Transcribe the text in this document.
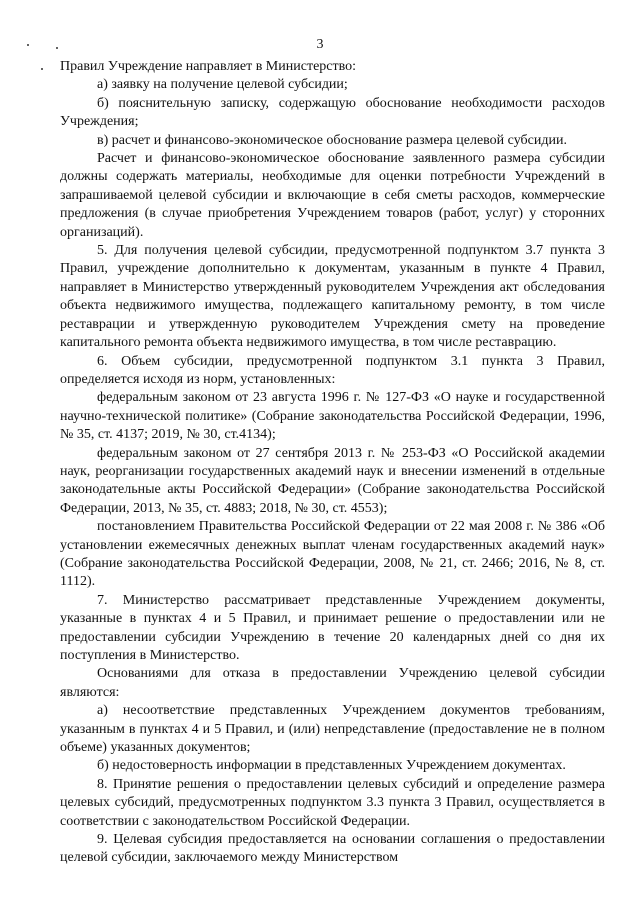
3

Правил Учреждение направляет в Министерство:

а) заявку на получение целевой субсидии;

б) пояснительную записку, содержащую обоснование необходимости расходов Учреждения;

в) расчет и финансово-экономическое обоснование размера целевой субсидии.

Расчет и финансово-экономическое обоснование заявленного размера субсидии должны содержать материалы, необходимые для оценки потребности Учреждений в запрашиваемой целевой субсидии и включающие в себя сметы расходов, коммерческие предложения (в случае приобретения Учреждением товаров (работ, услуг) у сторонних организаций).

5. Для получения целевой субсидии, предусмотренной подпунктом 3.7 пункта 3 Правил, учреждение дополнительно к документам, указанным в пункте 4 Правил, направляет в Министерство утвержденный руководителем Учреждения акт обследования объекта недвижимого имущества, подлежащего капитальному ремонту, в том числе реставрации и утвержденную руководителем Учреждения смету на проведение капитального ремонта объекта недвижимого имущества, в том числе реставрацию.

6. Объем субсидии, предусмотренной подпунктом 3.1 пункта 3 Правил, определяется исходя из норм, установленных:

федеральным законом от 23 августа 1996 г. № 127-ФЗ «О науке и государственной научно-технической политике» (Собрание законодательства Российской Федерации, 1996, № 35, ст. 4137; 2019, № 30, ст.4134);

федеральным законом от 27 сентября 2013 г. № 253-ФЗ «О Российской академии наук, реорганизации государственных академий наук и внесении изменений в отдельные законодательные акты Российской Федерации» (Собрание законодательства Российской Федерации, 2013, № 35, ст. 4883; 2018, № 30, ст. 4553);

постановлением Правительства Российской Федерации от 22 мая 2008 г. № 386 «Об установлении ежемесячных денежных выплат членам государственных академий наук» (Собрание законодательства Российской Федерации, 2008, № 21, ст. 2466; 2016, № 8, ст. 1112).

7. Министерство рассматривает представленные Учреждением документы, указанные в пунктах 4 и 5 Правил, и принимает решение о предоставлении или не предоставлении субсидии Учреждению в течение 20 календарных дней со дня их поступления в Министерство.

Основаниями для отказа в предоставлении Учреждению целевой субсидии являются:

а) несоответствие представленных Учреждением документов требованиям, указанным в пунктах 4 и 5 Правил, и (или) непредставление (предоставление не в полном объеме) указанных документов;

б) недостоверность информации в представленных Учреждением документах.

8. Принятие решения о предоставлении целевых субсидий и определение размера целевых субсидий, предусмотренных подпунктом 3.3 пункта 3 Правил, осуществляется в соответствии с законодательством Российской Федерации.

9. Целевая субсидия предоставляется на основании соглашения о предоставлении целевой субсидии, заключаемого между Министерством
